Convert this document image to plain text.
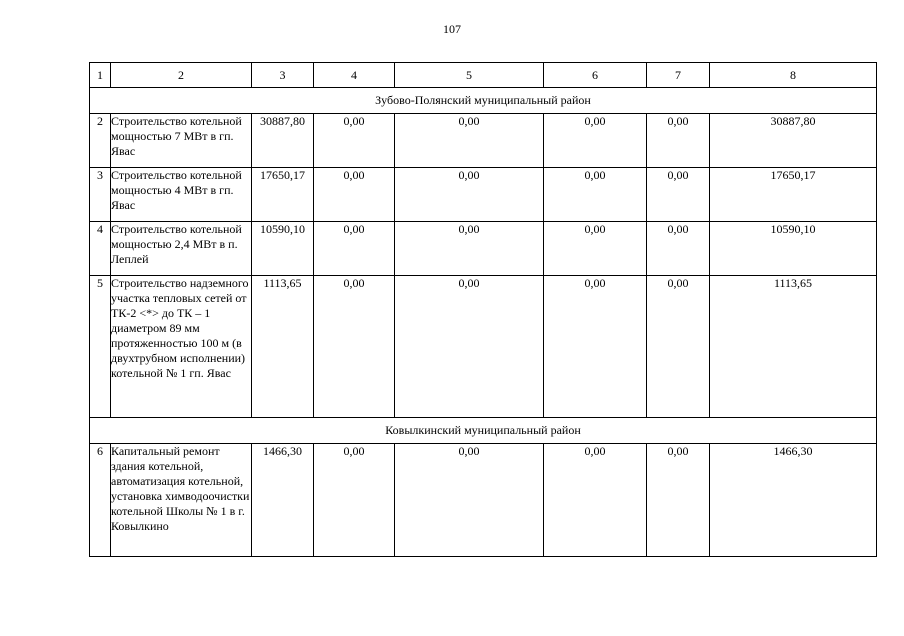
107
1	2	3	4	5	6	7	8
Зубово-Полянский муниципальный район							
2	Строительство котельной мощностью 7 МВт в гп. Явас	30887,80	0,00	0,00	0,00	0,00	30887,80
3	Строительство котельной мощностью 4 МВт в гп. Явас	17650,17	0,00	0,00	0,00	0,00	17650,17
4	Строительство котельной мощностью 2,4 МВт в п. Леплей	10590,10	0,00	0,00	0,00	0,00	10590,10
5	Строительство надземного участка тепловых сетей от ТК-2 <*> до ТК – 1 диаметром 89 мм протяженностью 100 м (в двухтрубном исполнении) котельной № 1 гп. Явас	1113,65	0,00	0,00	0,00	0,00	1113,65
Ковылкинский муниципальный район							
6	Капитальный ремонт здания котельной, автоматизация котельной, установка химводоочистки котельной Школы № 1 в г. Ковылкино	1466,30	0,00	0,00	0,00	0,00	1466,30
